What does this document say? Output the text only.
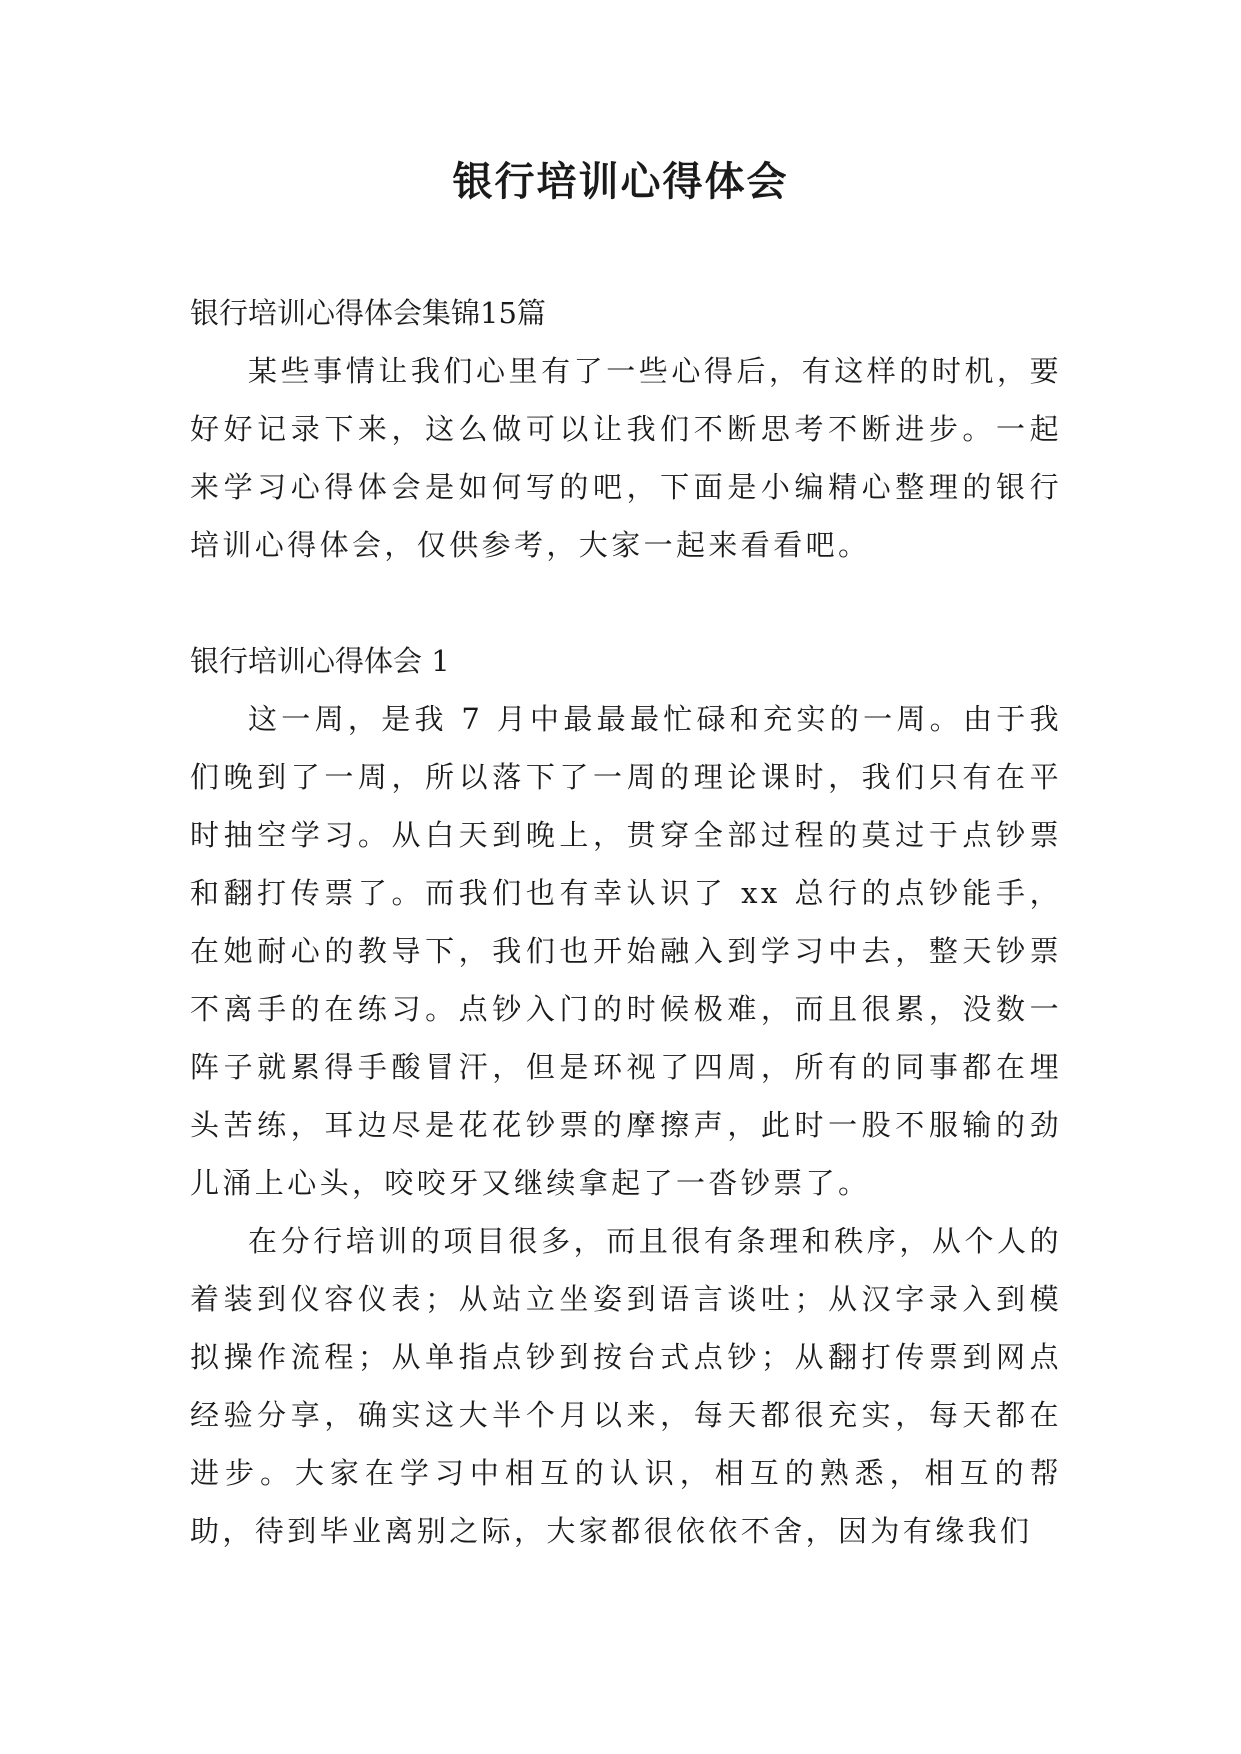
银行培训心得体会

银行培训心得体会集锦15篇

某些事情让我们心里有了一些心得后，有这样的时机，要好好记录下来，这么做可以让我们不断思考不断进步。一起来学习心得体会是如何写的吧，下面是小编精心整理的银行培训心得体会，仅供参考，大家一起来看看吧。

银行培训心得体会 1

这一周，是我 7 月中最最最忙碌和充实的一周。由于我们晚到了一周，所以落下了一周的理论课时，我们只有在平时抽空学习。从白天到晚上，贯穿全部过程的莫过于点钞票和翻打传票了。而我们也有幸认识了 xx 总行的点钞能手，在她耐心的教导下，我们也开始融入到学习中去，整天钞票不离手的在练习。点钞入门的时候极难，而且很累，没数一阵子就累得手酸冒汗，但是环视了四周，所有的同事都在埋头苦练，耳边尽是花花钞票的摩擦声，此时一股不服输的劲儿涌上心头，咬咬牙又继续拿起了一沓钞票了。

在分行培训的项目很多，而且很有条理和秩序，从个人的着装到仪容仪表；从站立坐姿到语言谈吐；从汉字录入到模拟操作流程；从单指点钞到按台式点钞；从翻打传票到网点经验分享，确实这大半个月以来，每天都很充实，每天都在进步。大家在学习中相互的认识，相互的熟悉，相互的帮助，待到毕业离别之际，大家都很依依不舍，因为有缘我们
